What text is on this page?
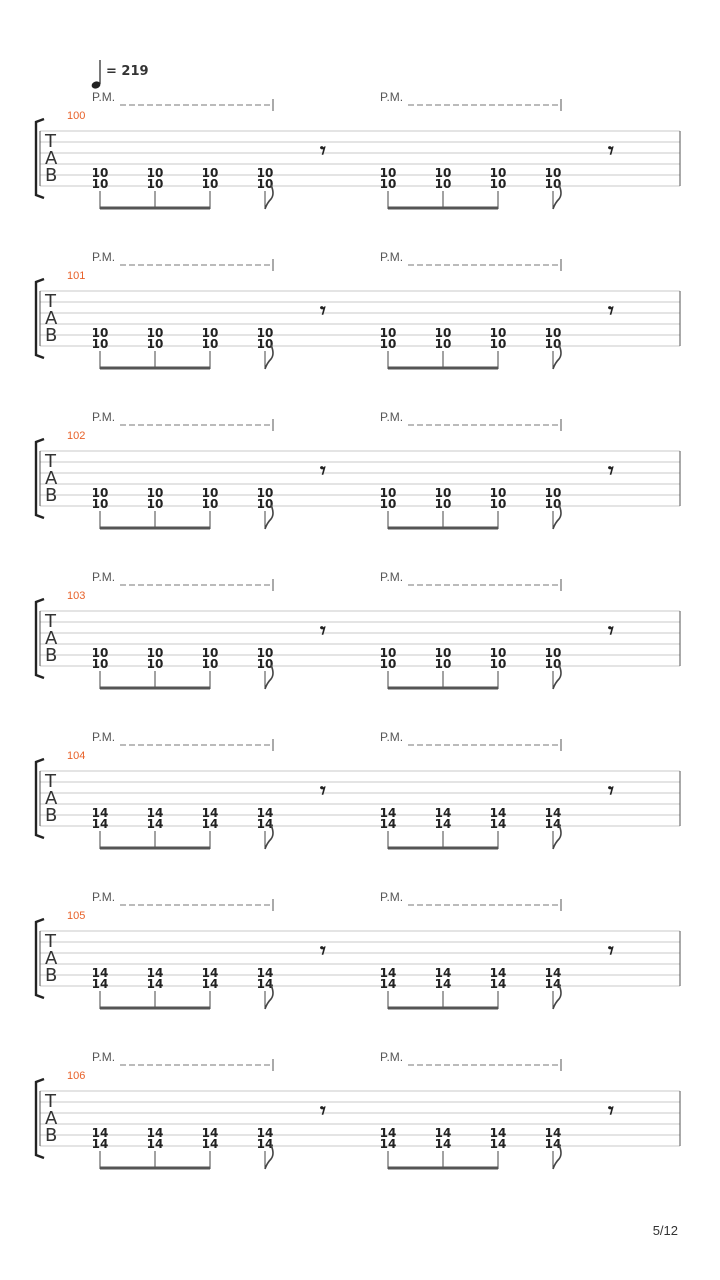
= 219
P.M.	P.M.
100
T
A
B	10
10
10
10
10
10
10
10
𝄾
10
10
10
10
10
10
10
10
𝄾
P.M.	P.M.
101
T
A
B	10
10
10
10
10
10
10
10
𝄾
10
10
10
10
10
10
10
10
𝄾
P.M.	P.M.
102
T
A
B	10
10
10
10
10
10
10
10
𝄾
10
10
10
10
10
10
10
10
𝄾
P.M.	P.M.
103
T
A
B	10
10
10
10
10
10
10
10
𝄾
10
10
10
10
10
10
10
10
𝄾
P.M.	P.M.
104
T
A
B	14
14
14
14
14
14
14
14
𝄾
14
14
14
14
14
14
14
14
𝄾
P.M.	P.M.
105
T
A
B	14
14
14
14
14
14
14
14
𝄾
14
14
14
14
14
14
14
14
𝄾
P.M.	P.M.
106
T
A
B	14
14
14
14
14
14
14
14
𝄾
14
14
14
14
14
14
14
14
𝄾
5/12
